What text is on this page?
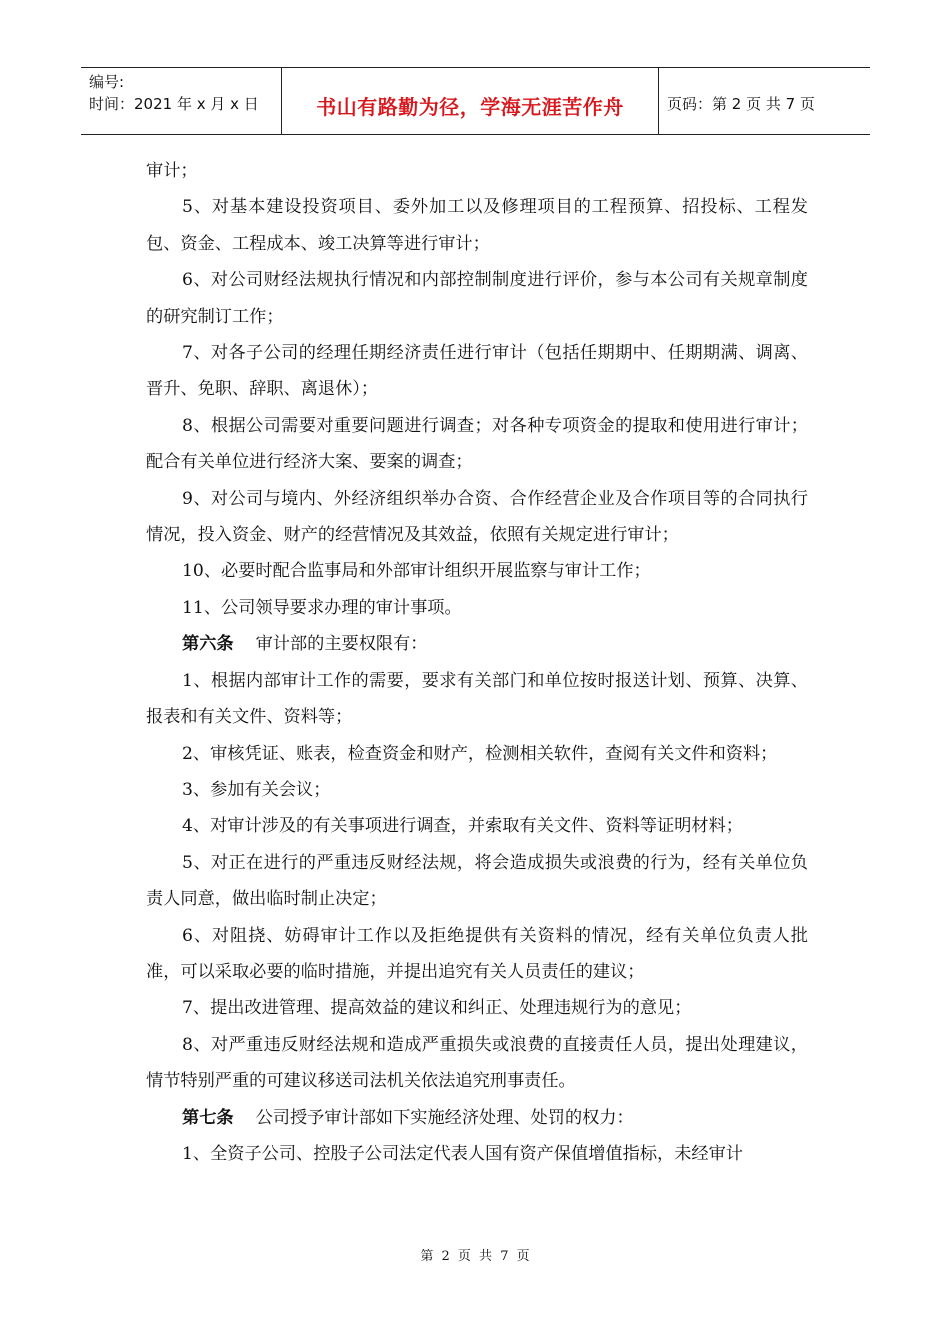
编号:
时间：2021 年 x 月 x 日	书山有路勤为径，学海无涯苦作舟	页码：第 2 页 共 7 页

审计；

5、对基本建设投资项目、委外加工以及修理项目的工程预算、招投标、工程发包、资金、工程成本、竣工决算等进行审计；

6、对公司财经法规执行情况和内部控制制度进行评价，参与本公司有关规章制度的研究制订工作；

7、对各子公司的经理任期经济责任进行审计（包括任期期中、任期期满、调离、晋升、免职、辞职、离退休）；

8、根据公司需要对重要问题进行调查；对各种专项资金的提取和使用进行审计；配合有关单位进行经济大案、要案的调查；

9、对公司与境内、外经济组织举办合资、合作经营企业及合作项目等的合同执行情况，投入资金、财产的经营情况及其效益，依照有关规定进行审计；

10、必要时配合监事局和外部审计组织开展监察与审计工作；

11、公司领导要求办理的审计事项。

第六条 审计部的主要权限有：

1、根据内部审计工作的需要，要求有关部门和单位按时报送计划、预算、决算、报表和有关文件、资料等；

2、审核凭证、账表，检查资金和财产，检测相关软件，查阅有关文件和资料；

3、参加有关会议；

4、对审计涉及的有关事项进行调查，并索取有关文件、资料等证明材料；

5、对正在进行的严重违反财经法规，将会造成损失或浪费的行为，经有关单位负责人同意，做出临时制止决定；

6、对阻挠、妨碍审计工作以及拒绝提供有关资料的情况，经有关单位负责人批准，可以采取必要的临时措施，并提出追究有关人员责任的建议；

7、提出改进管理、提高效益的建议和纠正、处理违规行为的意见；

8、对严重违反财经法规和造成严重损失或浪费的直接责任人员，提出处理建议，情节特别严重的可建议移送司法机关依法追究刑事责任。

第七条 公司授予审计部如下实施经济处理、处罚的权力：

1、全资子公司、控股子公司法定代表人国有资产保值增值指标，未经审计

第 2 页 共 7 页
